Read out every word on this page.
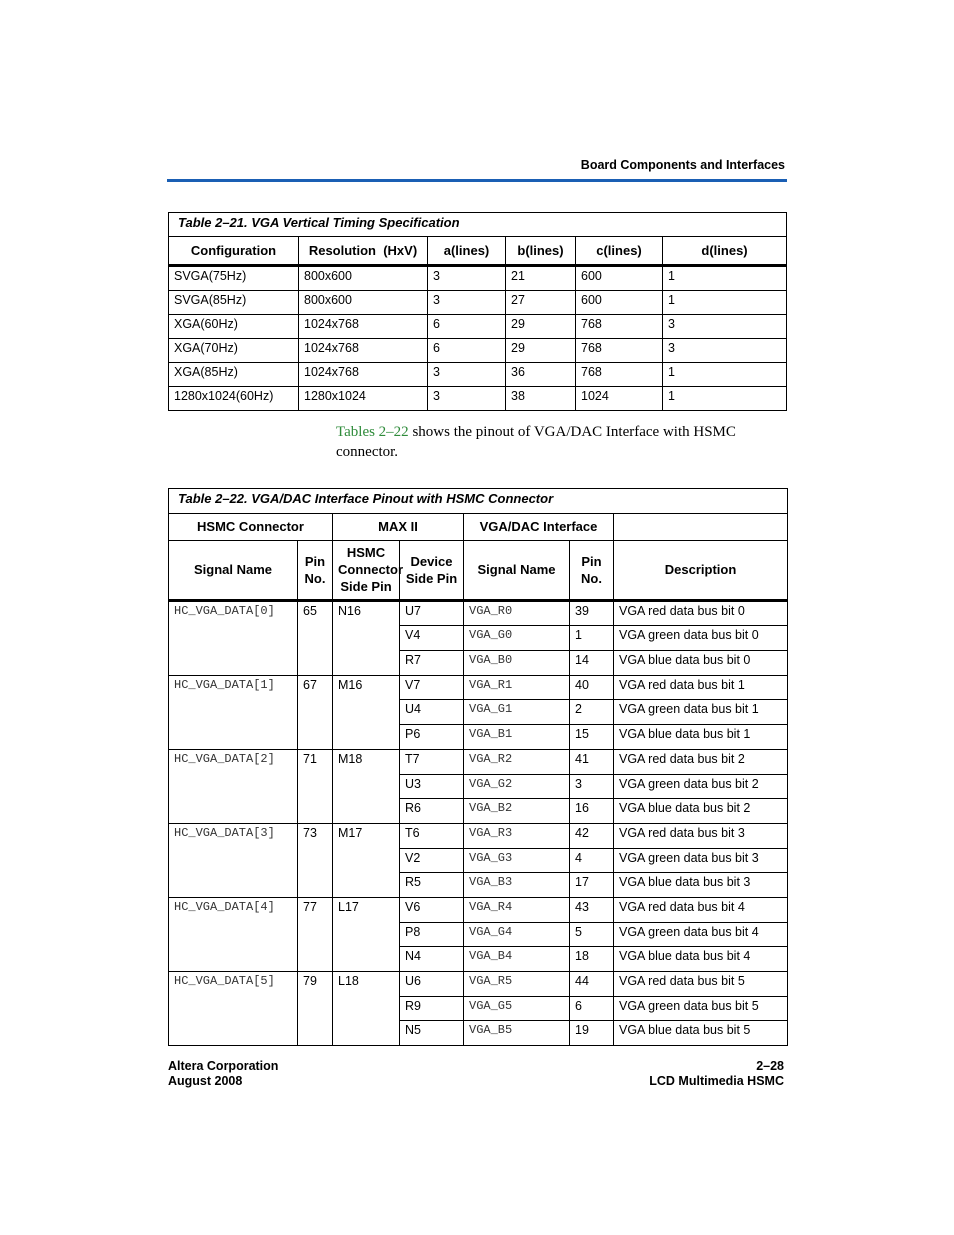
Board Components and Interfaces
Table 2–21. VGA Vertical Timing Specification					
Configuration	Resolution  (HxV)	a(lines)	b(lines)	c(lines)	d(lines)
SVGA(75Hz)	800x600	3	21	600	1
SVGA(85Hz)	800x600	3	27	600	1
XGA(60Hz)	1024x768	6	29	768	3
XGA(70Hz)	1024x768	6	29	768	3
XGA(85Hz)	1024x768	3	36	768	1
1280x1024(60Hz)	1280x1024	3	38	1024	1
Tables 2–22 shows the pinout of VGA/DAC Interface with HSMC connector.
Table 2–22. VGA/DAC Interface Pinout with HSMC Connector						
HSMC Connector		MAX II		VGA/DAC Interface		
Signal Name	Pin No.	HSMC Connector Side Pin	Device Side Pin	Signal Name	Pin No.	Description
HC_VGA_DATA[0]	65	N16	U7	VGA_R0	39	VGA red data bus bit 0
			V4	VGA_G0	1	VGA green data bus bit 0
			R7	VGA_B0	14	VGA blue data bus bit 0
HC_VGA_DATA[1]	67	M16	V7	VGA_R1	40	VGA red data bus bit 1
			U4	VGA_G1	2	VGA green data bus bit 1
			P6	VGA_B1	15	VGA blue data bus bit 1
HC_VGA_DATA[2]	71	M18	T7	VGA_R2	41	VGA red data bus bit 2
			U3	VGA_G2	3	VGA green data bus bit 2
			R6	VGA_B2	16	VGA blue data bus bit 2
HC_VGA_DATA[3]	73	M17	T6	VGA_R3	42	VGA red data bus bit 3
			V2	VGA_G3	4	VGA green data bus bit 3
			R5	VGA_B3	17	VGA blue data bus bit 3
HC_VGA_DATA[4]	77	L17	V6	VGA_R4	43	VGA red data bus bit 4
			P8	VGA_G4	5	VGA green data bus bit 4
			N4	VGA_B4	18	VGA blue data bus bit 4
HC_VGA_DATA[5]	79	L18	U6	VGA_R5	44	VGA red data bus bit 5
			R9	VGA_G5	6	VGA green data bus bit 5
			N5	VGA_B5	19	VGA blue data bus bit 5
Altera Corporation
August 2008
2–28
LCD Multimedia HSMC
